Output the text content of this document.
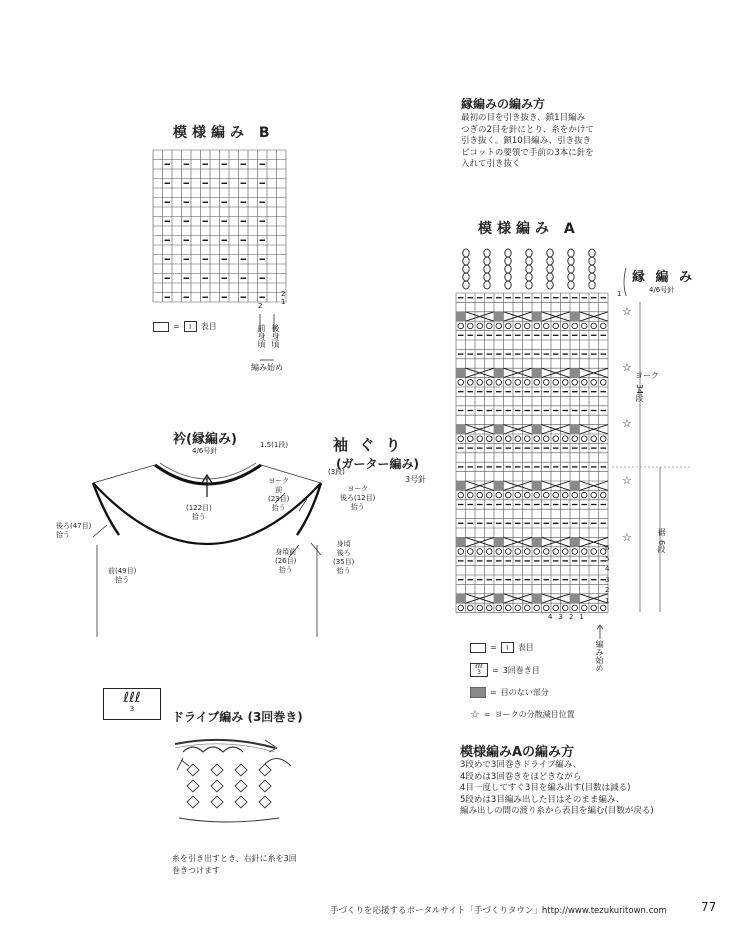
模様編み B
2
1
2
=	I	表目	前身頃 後身頃
編み始め
縁編みの編み方
最初の目を引き抜き、鎖1目編み
つぎの2目を針にとり、糸をかけて
引き抜く。鎖10目編み、引き抜き
ピコットの要領で手前の3本に針を
入れて引き抜く
模様編み A
縁 編 み
4/6号針
1
ヨーク
34段
裾
6段
☆
☆
☆
☆
☆
6
5
4
3
2
1
4 3 2 1
編み始め
=	I	表目
ℓℓℓ
3 = 3回巻き目
= 目のない部分
☆ = ヨークの分散減目位置
模様編みAの編み方
3段めで3回巻きドライブ編み、
4段めは3回巻きをほどきながら
4目一度してすぐ3目を編み出す(目数は減る)
5段めは3目編み出した目はそのまま編み、
編み出しの間の渡り糸から表目を編む(目数が戻る)
衿(縁編み)
4/6号針
1.5(1段)	袖 ぐ り
(ガーター編み)
3号針
(3段)
ヨーク
前
(23目)
拾う
ヨーク
後ろ(12目)
拾う
(122目)
拾う
後ろ(47目)
拾う
前(49目)
拾う
身頃前
(26目)
拾う
身頃
後ろ
(35目)
拾う
ℓℓℓ
3
ドライブ編み (3回巻き)
糸を引き出すとき、右針に糸を3回
巻きつけます
手づくりを応援するポータルサイト「手づくりタウン」http://www.tezukuritown.com	77
